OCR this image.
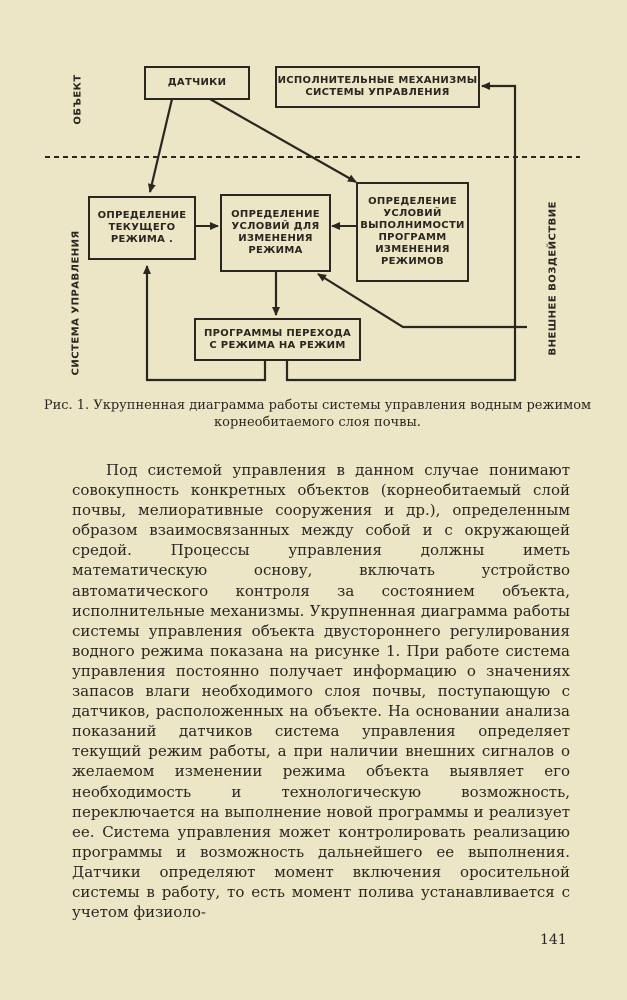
ДАТЧИКИ	ИСПОЛНИТЕЛЬНЫЕ МЕХАНИЗМЫ
СИСТЕМЫ УПРАВЛЕНИЯ
ОПРЕДЕЛЕНИЕ
ТЕКУЩЕГО
РЕЖИМА .
ОПРЕДЕЛЕНИЕ
УСЛОВИЙ ДЛЯ
ИЗМЕНЕНИЯ
РЕЖИМА
ОПРЕДЕЛЕНИЕ
УСЛОВИЙ
ВЫПОЛНИМОСТИ
ПРОГРАММ
ИЗМЕНЕНИЯ
РЕЖИМОВ
ПРОГРАММЫ ПЕРЕХОДА
С РЕЖИМА НА РЕЖИМ
ОБЪЕКТ
СИСТЕМА УПРАВЛЕНИЯ	ВНЕШНЕЕ ВОЗДЕЙСТВИЕ
Рис. 1. Укрупненная диаграмма работы системы управления водным режимом корнеобитаемого слоя почвы.

Под системой управления в данном случае понимают совокупность конкретных объектов (корнеобитаемый слой почвы, мелиоративные сооружения и др.), определенным образом взаимосвязанных между собой и с окружающей средой. Процессы управления должны иметь математическую основу, включать устройство автоматического контроля за состоянием объекта, исполнительные механизмы. Укрупненная диаграмма работы системы управления объекта двустороннего регулирования водного режима показана на рисунке 1. При работе система управления постоянно получает информацию о значениях запасов влаги необходимого слоя почвы, поступающую с датчиков, расположенных на объекте. На основании анализа показаний датчиков система управления определяет текущий режим работы, а при наличии внешних сигналов о желаемом изменении режима объекта выявляет его необходимость и технологическую возможность, переключается на выполнение новой программы и реализует ее. Система управления может контролировать реализацию программы и возможность дальнейшего ее выполнения. Датчики определяют момент включения оросительной системы в работу, то есть момент полива устанавливается с учетом физиоло-

141
